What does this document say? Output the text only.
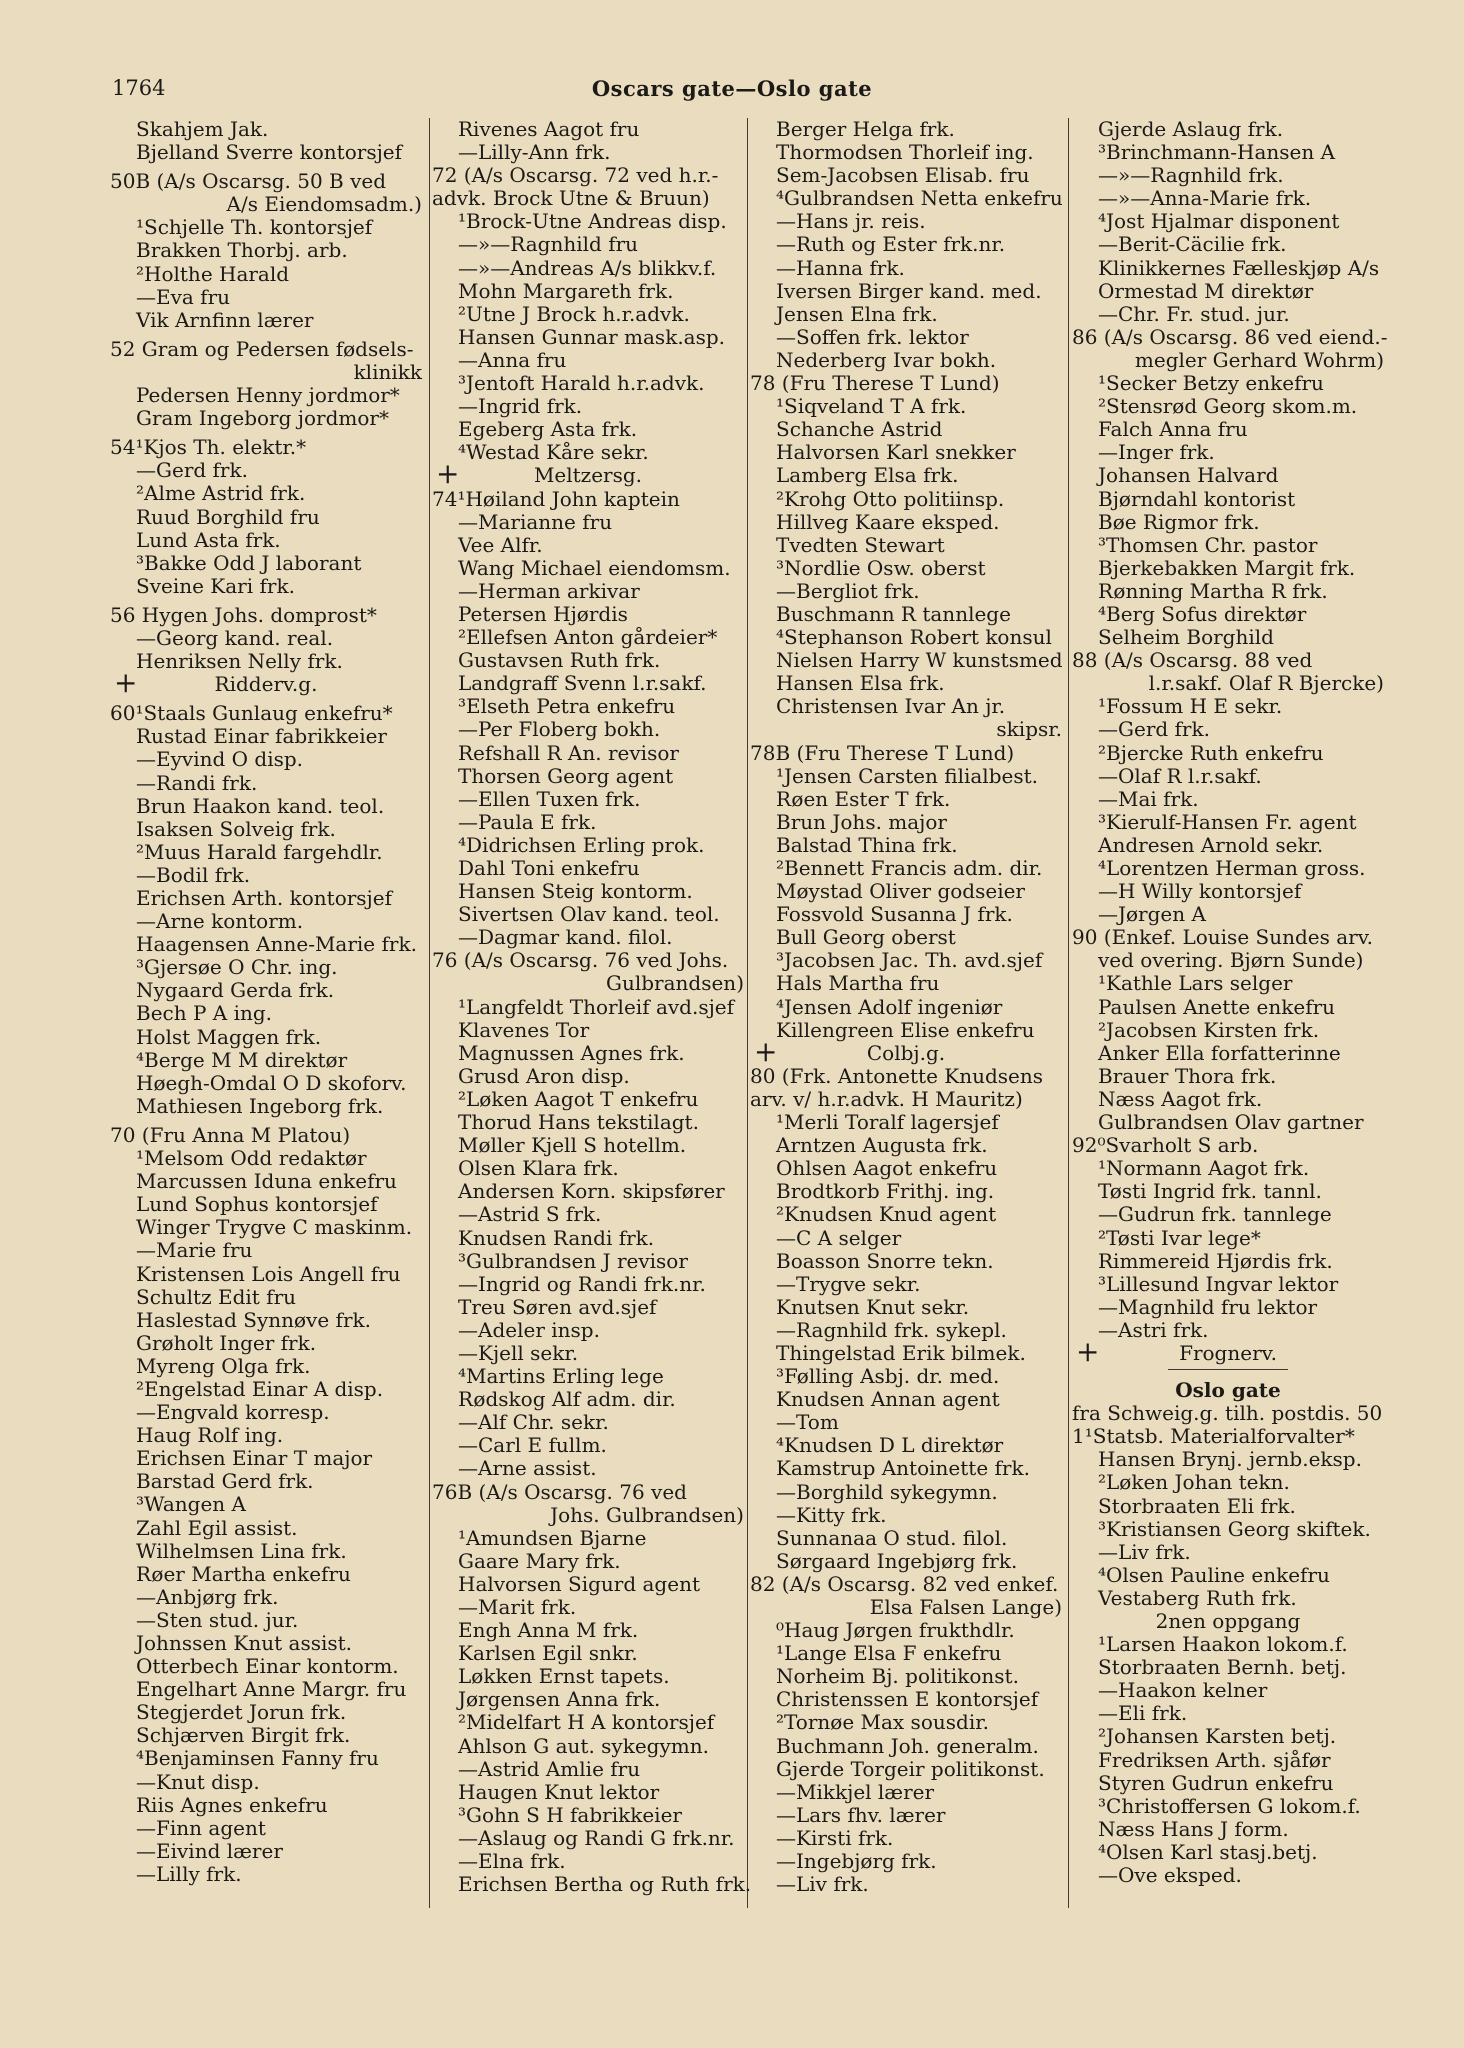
1764	Oscars gate—Oslo gate
Skahjem Jak.
Bjelland Sverre kontorsjef
50B (A/s Oscarsg. 50 B ved
A/s Eiendomsadm.)
¹Schjelle Th. kontorsjef
Brakken Thorbj. arb.
²Holthe Harald
—Eva fru
Vik Arnfinn lærer
52 Gram og Pedersen fødsels-
klinikk
Pedersen Henny jordmor*
Gram Ingeborg jordmor*
54¹Kjos Th. elektr.*
—Gerd frk.
²Alme Astrid frk.
Ruud Borghild fru
Lund Asta frk.
³Bakke Odd J laborant
Sveine Kari frk.
56 Hygen Johs. domprost*
—Georg kand. real.
Henriksen Nelly frk.
+ Ridderv.g.
60¹Staals Gunlaug enkefru*
Rustad Einar fabrikkeier
—Eyvind O disp.
—Randi frk.
Brun Haakon kand. teol.
Isaksen Solveig frk.
²Muus Harald fargehdlr.
—Bodil frk.
Erichsen Arth. kontorsjef
—Arne kontorm.
Haagensen Anne-Marie frk.
³Gjersøe O Chr. ing.
Nygaard Gerda frk.
Bech P A ing.
Holst Maggen frk.
⁴Berge M M direktør
Høegh-Omdal O D skoforv.
Mathiesen Ingeborg frk.
70 (Fru Anna M Platou)
¹Melsom Odd redaktør
Marcussen Iduna enkefru
Lund Sophus kontorsjef
Winger Trygve C maskinm.
—Marie fru
Kristensen Lois Angell fru
Schultz Edit fru
Haslestad Synnøve frk.
Grøholt Inger frk.
Myreng Olga frk.
²Engelstad Einar A disp.
—Engvald korresp.
Haug Rolf ing.
Erichsen Einar T major
Barstad Gerd frk.
³Wangen A
Zahl Egil assist.
Wilhelmsen Lina frk.
Røer Martha enkefru
—Anbjørg frk.
—Sten stud. jur.
Johnssen Knut assist.
Otterbech Einar kontorm.
Engelhart Anne Margr. fru
Stegjerdet Jorun frk.
Schjærven Birgit frk.
⁴Benjaminsen Fanny fru
—Knut disp.
Riis Agnes enkefru
—Finn agent
—Eivind lærer
—Lilly frk.
Rivenes Aagot fru
—Lilly-Ann frk.
72 (A/s Oscarsg. 72 ved h.r.-
advk. Brock Utne & Bruun)
¹Brock-Utne Andreas disp.
—»—Ragnhild fru
—»—Andreas A/s blikkv.f.
Mohn Margareth frk.
²Utne J Brock h.r.advk.
Hansen Gunnar mask.asp.
—Anna fru
³Jentoft Harald h.r.advk.
—Ingrid frk.
Egeberg Asta frk.
⁴Westad Kåre sekr.
+ Meltzersg.
74¹Høiland John kaptein
—Marianne fru
Vee Alfr.
Wang Michael eiendomsm.
—Herman arkivar
Petersen Hjørdis
²Ellefsen Anton gårdeier*
Gustavsen Ruth frk.
Landgraff Svenn l.r.sakf.
³Elseth Petra enkefru
—Per Floberg bokh.
Refshall R An. revisor
Thorsen Georg agent
—Ellen Tuxen frk.
—Paula E frk.
⁴Didrichsen Erling prok.
Dahl Toni enkefru
Hansen Steig kontorm.
Sivertsen Olav kand. teol.
—Dagmar kand. filol.
76 (A/s Oscarsg. 76 ved Johs.
Gulbrandsen)
¹Langfeldt Thorleif avd.sjef
Klavenes Tor
Magnussen Agnes frk.
Grusd Aron disp.
²Løken Aagot T enkefru
Thorud Hans tekstilagt.
Møller Kjell S hotellm.
Olsen Klara frk.
Andersen Korn. skipsfører
—Astrid S frk.
Knudsen Randi frk.
³Gulbrandsen J revisor
—Ingrid og Randi frk.nr.
Treu Søren avd.sjef
—Adeler insp.
—Kjell sekr.
⁴Martins Erling lege
Rødskog Alf adm. dir.
—Alf Chr. sekr.
—Carl E fullm.
—Arne assist.
76B (A/s Oscarsg. 76 ved
Johs. Gulbrandsen)
¹Amundsen Bjarne
Gaare Mary frk.
Halvorsen Sigurd agent
—Marit frk.
Engh Anna M frk.
Karlsen Egil snkr.
Løkken Ernst tapets.
Jørgensen Anna frk.
²Midelfart H A kontorsjef
Ahlson G aut. sykegymn.
—Astrid Amlie fru
Haugen Knut lektor
³Gohn S H fabrikkeier
—Aslaug og Randi G frk.nr.
—Elna frk.
Erichsen Bertha og Ruth frk.
Berger Helga frk.
Thormodsen Thorleif ing.
Sem-Jacobsen Elisab. fru
⁴Gulbrandsen Netta enkefru
—Hans jr. reis.
—Ruth og Ester frk.nr.
—Hanna frk.
Iversen Birger kand. med.
Jensen Elna frk.
—Soffen frk. lektor
Nederberg Ivar bokh.
78 (Fru Therese T Lund)
¹Siqveland T A frk.
Schanche Astrid
Halvorsen Karl snekker
Lamberg Elsa frk.
²Krohg Otto politiinsp.
Hillveg Kaare eksped.
Tvedten Stewart
³Nordlie Osw. oberst
—Bergliot frk.
Buschmann R tannlege
⁴Stephanson Robert konsul
Nielsen Harry W kunstsmed
Hansen Elsa frk.
Christensen Ivar An jr.
skipsr.
78B (Fru Therese T Lund)
¹Jensen Carsten filialbest.
Røen Ester T frk.
Brun Johs. major
Balstad Thina frk.
²Bennett Francis adm. dir.
Møystad Oliver godseier
Fossvold Susanna J frk.
Bull Georg oberst
³Jacobsen Jac. Th. avd.sjef
Hals Martha fru
⁴Jensen Adolf ingeniør
Killengreen Elise enkefru
+ Colbj.g.
80 (Frk. Antonette Knudsens
arv. v/ h.r.advk. H Mauritz)
¹Merli Toralf lagersjef
Arntzen Augusta frk.
Ohlsen Aagot enkefru
Brodtkorb Frithj. ing.
²Knudsen Knud agent
—C A selger
Boasson Snorre tekn.
—Trygve sekr.
Knutsen Knut sekr.
—Ragnhild frk. sykepl.
Thingelstad Erik bilmek.
³Følling Asbj. dr. med.
Knudsen Annan agent
—Tom
⁴Knudsen D L direktør
Kamstrup Antoinette frk.
—Borghild sykegymn.
—Kitty frk.
Sunnanaa O stud. filol.
Sørgaard Ingebjørg frk.
82 (A/s Oscarsg. 82 ved enkef.
Elsa Falsen Lange)
⁰Haug Jørgen frukthdlr.
¹Lange Elsa F enkefru
Norheim Bj. politikonst.
Christenssen E kontorsjef
²Tornøe Max sousdir.
Buchmann Joh. generalm.
Gjerde Torgeir politikonst.
—Mikkjel lærer
—Lars fhv. lærer
—Kirsti frk.
—Ingebjørg frk.
—Liv frk.
Gjerde Aslaug frk.
³Brinchmann-Hansen A
—»—Ragnhild frk.
—»—Anna-Marie frk.
⁴Jost Hjalmar disponent
—Berit-Cäcilie frk.
Klinikkernes Fælleskjøp A/s
Ormestad M direktør
—Chr. Fr. stud. jur.
86 (A/s Oscarsg. 86 ved eiend.-
megler Gerhard Wohrm)
¹Secker Betzy enkefru
²Stensrød Georg skom.m.
Falch Anna fru
—Inger frk.
Johansen Halvard
Bjørndahl kontorist
Bøe Rigmor frk.
³Thomsen Chr. pastor
Bjerkebakken Margit frk.
Rønning Martha R frk.
⁴Berg Sofus direktør
Selheim Borghild
88 (A/s Oscarsg. 88 ved
l.r.sakf. Olaf R Bjercke)
¹Fossum H E sekr.
—Gerd frk.
²Bjercke Ruth enkefru
—Olaf R l.r.sakf.
—Mai frk.
³Kierulf-Hansen Fr. agent
Andresen Arnold sekr.
⁴Lorentzen Herman gross.
—H Willy kontorsjef
—Jørgen A
90 (Enkef. Louise Sundes arv.
ved overing. Bjørn Sunde)
¹Kathle Lars selger
Paulsen Anette enkefru
²Jacobsen Kirsten frk.
Anker Ella forfatterinne
Brauer Thora frk.
Næss Aagot frk.
Gulbrandsen Olav gartner
92⁰Svarholt S arb.
¹Normann Aagot frk.
Tøsti Ingrid frk. tannl.
—Gudrun frk. tannlege
²Tøsti Ivar lege*
Rimmereid Hjørdis frk.
³Lillesund Ingvar lektor
—Magnhild fru lektor
—Astri frk.
+ Frognerv.
Oslo gate
fra Schweig.g. tilh. postdis. 50
1¹Statsb. Materialforvalter*
Hansen Brynj. jernb.eksp.
²Løken Johan tekn.
Storbraaten Eli frk.
³Kristiansen Georg skiftek.
—Liv frk.
⁴Olsen Pauline enkefru
Vestaberg Ruth frk.
2nen oppgang
¹Larsen Haakon lokom.f.
Storbraaten Bernh. betj.
—Haakon kelner
—Eli frk.
²Johansen Karsten betj.
Fredriksen Arth. sjåfør
Styren Gudrun enkefru
³Christoffersen G lokom.f.
Næss Hans J form.
⁴Olsen Karl stasj.betj.
—Ove eksped.
